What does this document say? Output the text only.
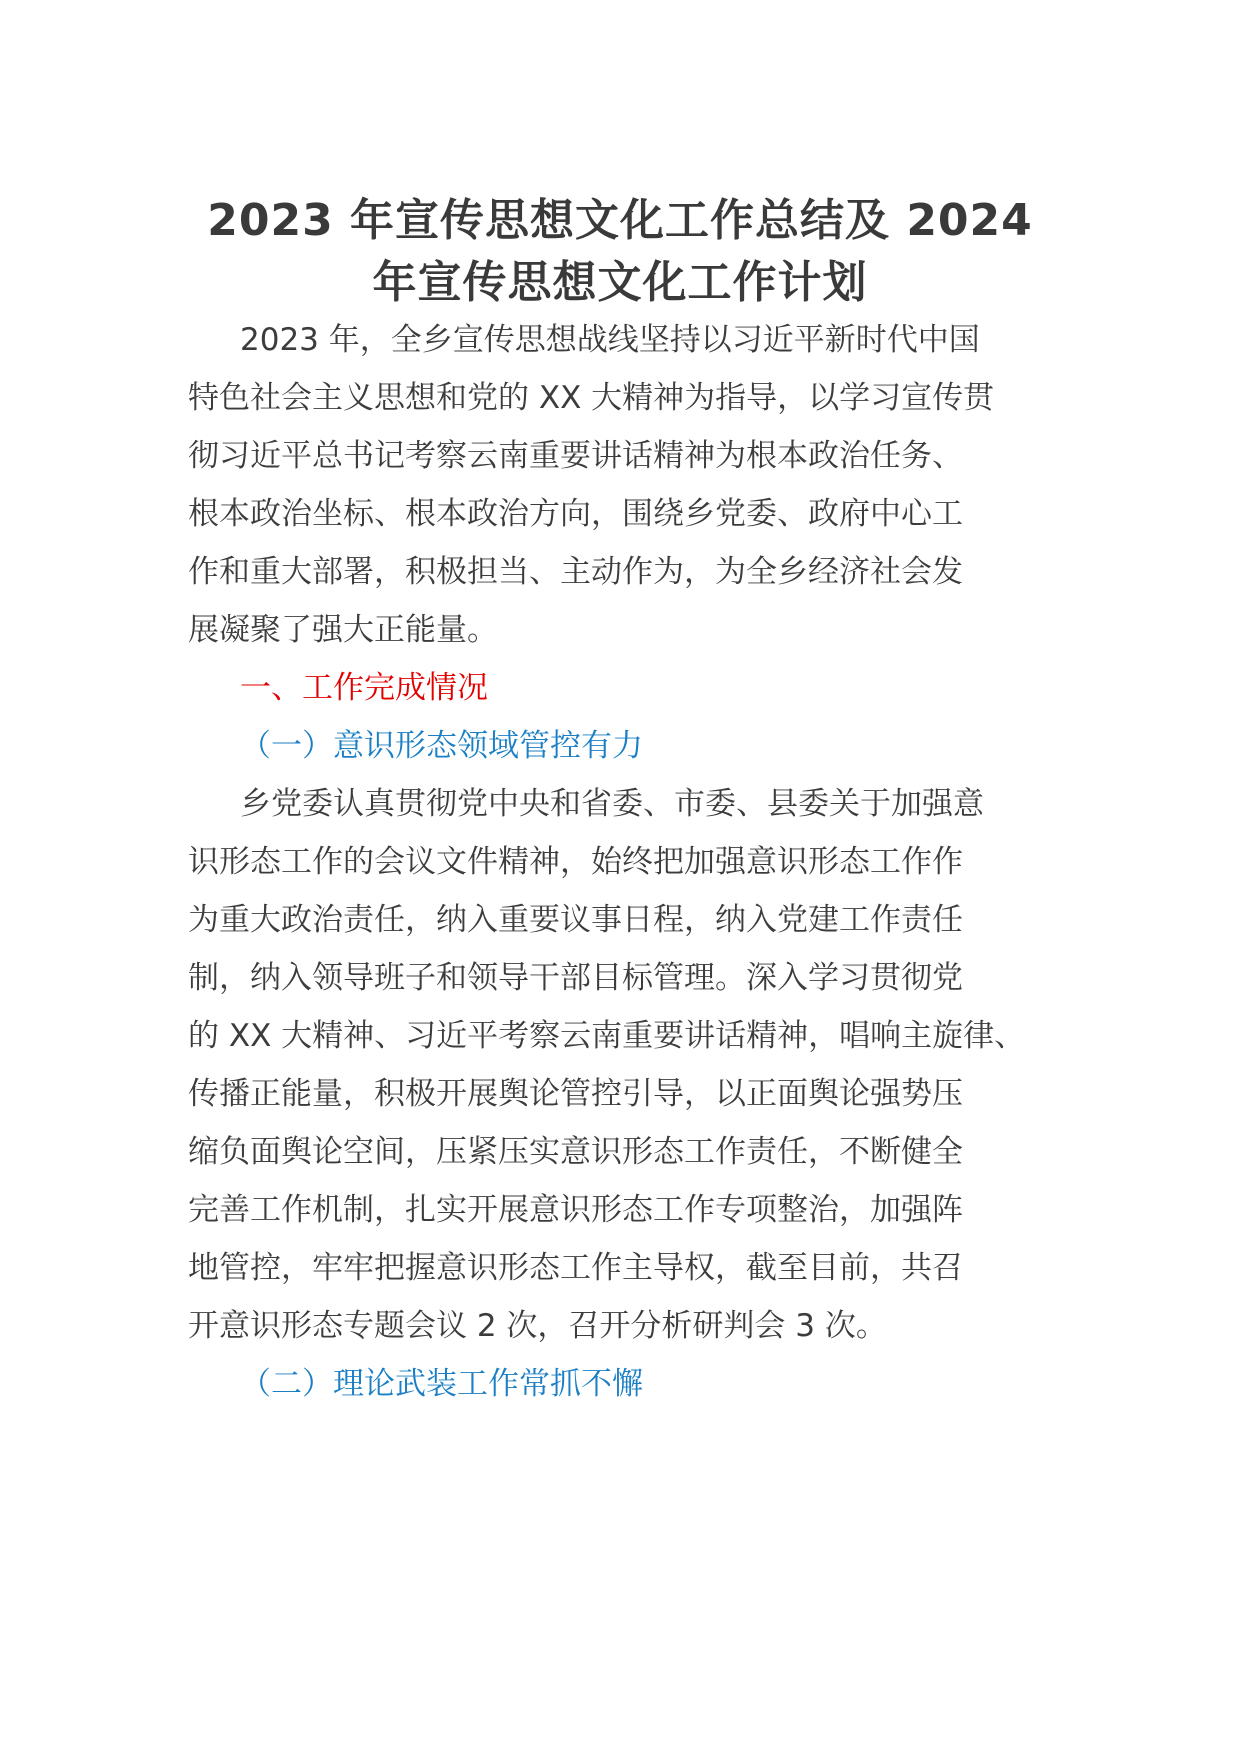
2023 年宣传思想文化工作总结及 2024
年宣传思想文化工作计划
2023 年，全乡宣传思想战线坚持以习近平新时代中国
特色社会主义思想和党的 XX 大精神为指导，以学习宣传贯
彻习近平总书记考察云南重要讲话精神为根本政治任务、
根本政治坐标、根本政治方向，围绕乡党委、政府中心工
作和重大部署，积极担当、主动作为，为全乡经济社会发
展凝聚了强大正能量。
一、工作完成情况
（一）意识形态领域管控有力
乡党委认真贯彻党中央和省委、市委、县委关于加强意
识形态工作的会议文件精神，始终把加强意识形态工作作
为重大政治责任，纳入重要议事日程，纳入党建工作责任
制，纳入领导班子和领导干部目标管理。深入学习贯彻党
的 XX 大精神、习近平考察云南重要讲话精神，唱响主旋律、
传播正能量，积极开展舆论管控引导，以正面舆论强势压
缩负面舆论空间，压紧压实意识形态工作责任，不断健全
完善工作机制，扎实开展意识形态工作专项整治，加强阵
地管控，牢牢把握意识形态工作主导权，截至目前，共召
开意识形态专题会议 2 次，召开分析研判会 3 次。
（二）理论武装工作常抓不懈
